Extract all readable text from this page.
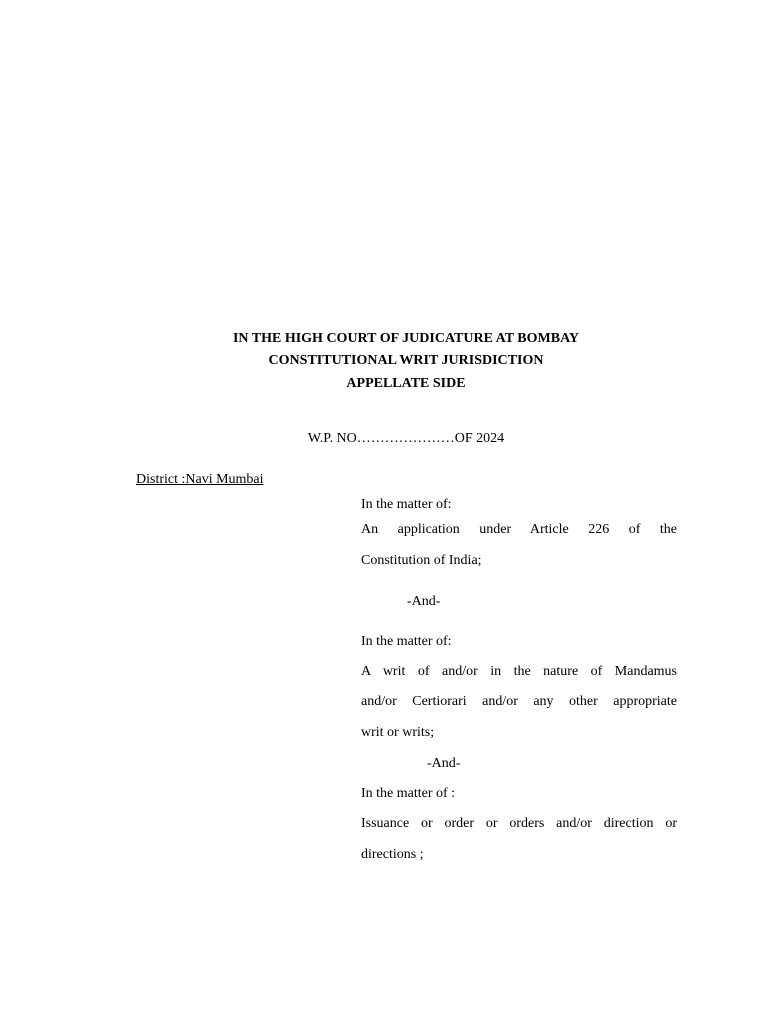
IN THE HIGH COURT OF JUDICATURE AT BOMBAY
CONSTITUTIONAL WRIT JURISDICTION
APPELLATE SIDE
W.P. NO…………………OF 2024
District :Navi Mumbai
In the matter of:
An application under Article 226 of the
Constitution of India;
-And-
In the matter of:
A writ of and/or in the nature of Mandamus
and/or Certiorari and/or any other appropriate
writ or writs;
-And-
In the matter of :
Issuance or order or orders and/or direction or
directions ;
